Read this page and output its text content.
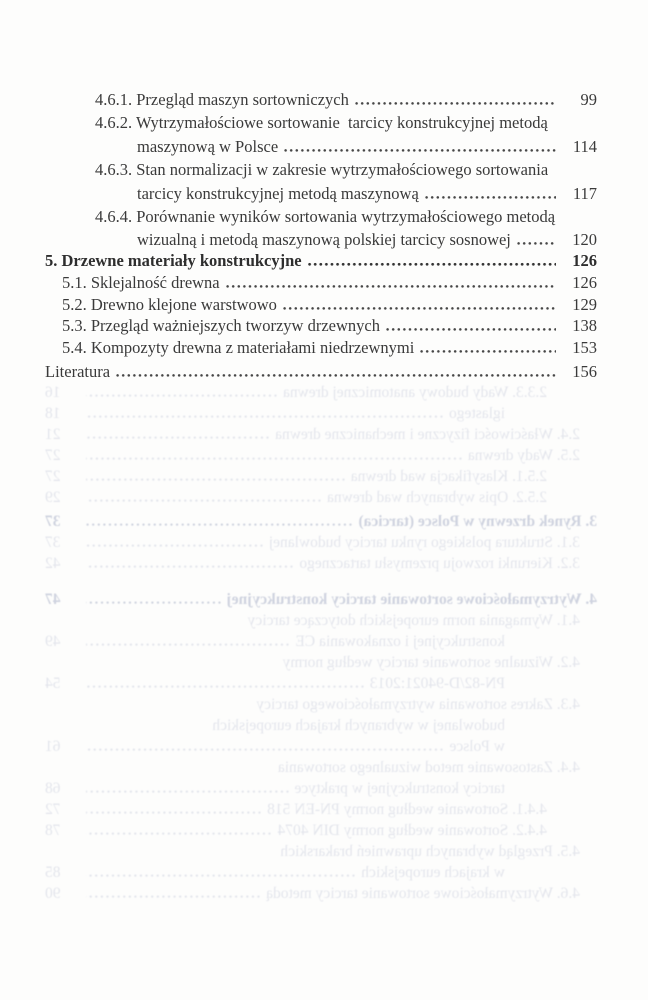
4.6.1. Przegląd maszyn sortowniczych	99
4.6.2. Wytrzymałościowe sortowanie  tarcicy konstrukcyjnej metodą
maszynową w Polsce	114
4.6.3. Stan normalizacji w zakresie wytrzymałościowego sortowania
tarcicy konstrukcyjnej metodą maszynową	117
4.6.4. Porównanie wyników sortowania wytrzymałościowego metodą
wizualną i metodą maszynową polskiej tarcicy sosnowej	120
5. Drzewne materiały konstrukcyjne	126
5.1. Sklejalność drewna	126
5.2. Drewno klejone warstwowo	129
5.3. Przegląd ważniejszych tworzyw drzewnych	138
5.4. Kompozyty drewna z materiałami niedrzewnymi	153
Literatura	156
2.3.3. Wady budowy anatomicznej drewna
16
iglastego
18
2.4. Właściwości fizyczne i mechaniczne drewna
21
2.5. Wady drewna
27
2.5.1. Klasyfikacja wad drewna
27
2.5.2. Opis wybranych wad drewna
29
3. Rynek drzewny w Polsce (tarcica)
37
3.1. Struktura polskiego rynku tarcicy budowlanej
37
3.2. Kierunki rozwoju przemysłu tartacznego
42
4. Wytrzymałościowe sortowanie tarcicy konstrukcyjnej
47
4.1. Wymagania norm europejskich dotyczące tarcicy
konstrukcyjnej i oznakowania CE
49
4.2. Wizualne sortowanie tarcicy według normy
PN-82/D-94021:2013
54
4.3. Zakres sortowania wytrzymałościowego tarcicy
budowlanej w wybranych krajach europejskich
w Polsce
61
4.4. Zastosowanie metod wizualnego sortowania
tarcicy konstrukcyjnej w praktyce
68
4.4.1. Sortowanie według normy PN-EN 518
72
4.4.2. Sortowanie według normy DIN 4074
78
4.5. Przegląd wybranych uprawnień brakarskich
w krajach europejskich
85
4.6. Wytrzymałościowe sortowanie tarcicy metodą
90
